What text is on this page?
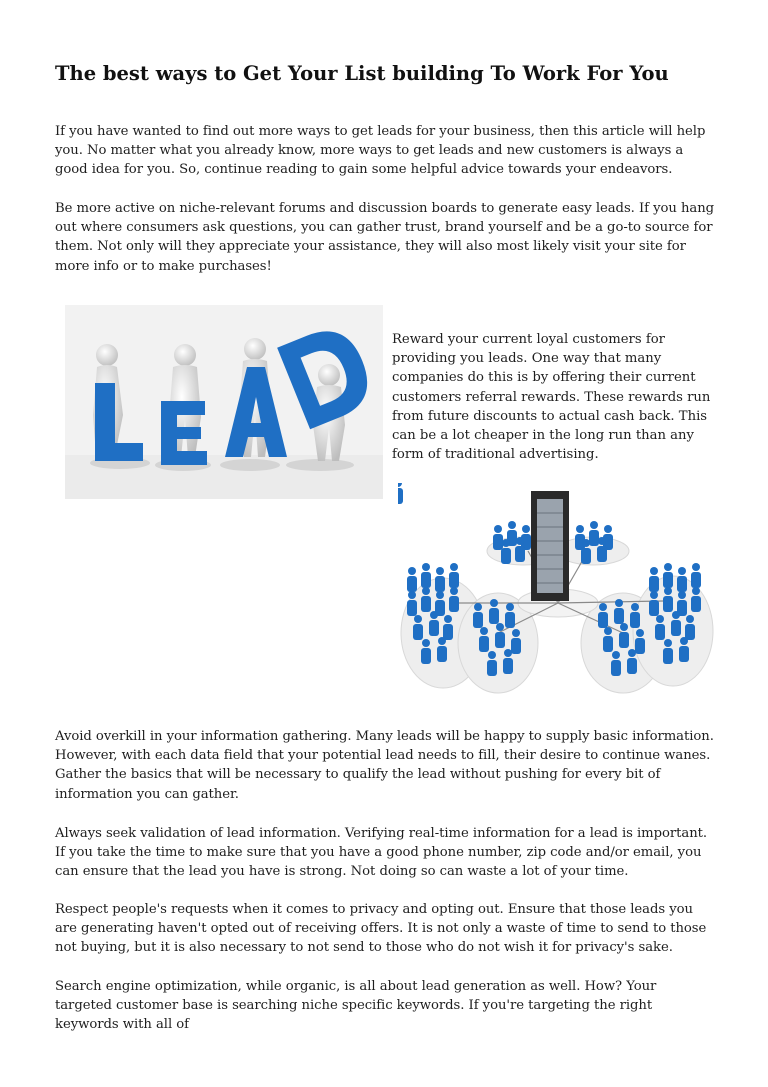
The best ways to Get Your List building To Work For You

If you have wanted to find out more ways to get leads for your business, then this article will help you. No matter what you already know, more ways to get leads and new customers is always a good idea for you. So, continue reading to gain some helpful advice towards your endeavors.

Be more active on niche-relevant forums and discussion boards to generate easy leads. If you hang out where consumers ask questions, you can gather trust, brand yourself and be a go-to source for them. Not only will they appreciate your assistance, they will also most likely visit your site for more info or to make purchases!

Reward your current loyal customers for providing you leads. One way that many companies do this is by offering their current customers referral rewards. These rewards run from future discounts to actual cash back. This can be a lot cheaper in the long run than any form of traditional advertising.

Avoid overkill in your information gathering. Many leads will be happy to supply basic information. However, with each data field that your potential lead needs to fill, their desire to continue wanes. Gather the basics that will be necessary to qualify the lead without pushing for every bit of information you can gather.

Always seek validation of lead information. Verifying real-time information for a lead is important. If you take the time to make sure that you have a good phone number, zip code and/or email, you can ensure that the lead you have is strong. Not doing so can waste a lot of your time.

Respect people's requests when it comes to privacy and opting out. Ensure that those leads you are generating haven't opted out of receiving offers. It is not only a waste of time to send to those not buying, but it is also necessary to not send to those who do not wish it for privacy's sake.

Search engine optimization, while organic, is all about lead generation as well. How? Your targeted customer base is searching niche specific keywords. If you're targeting the right keywords with all of
